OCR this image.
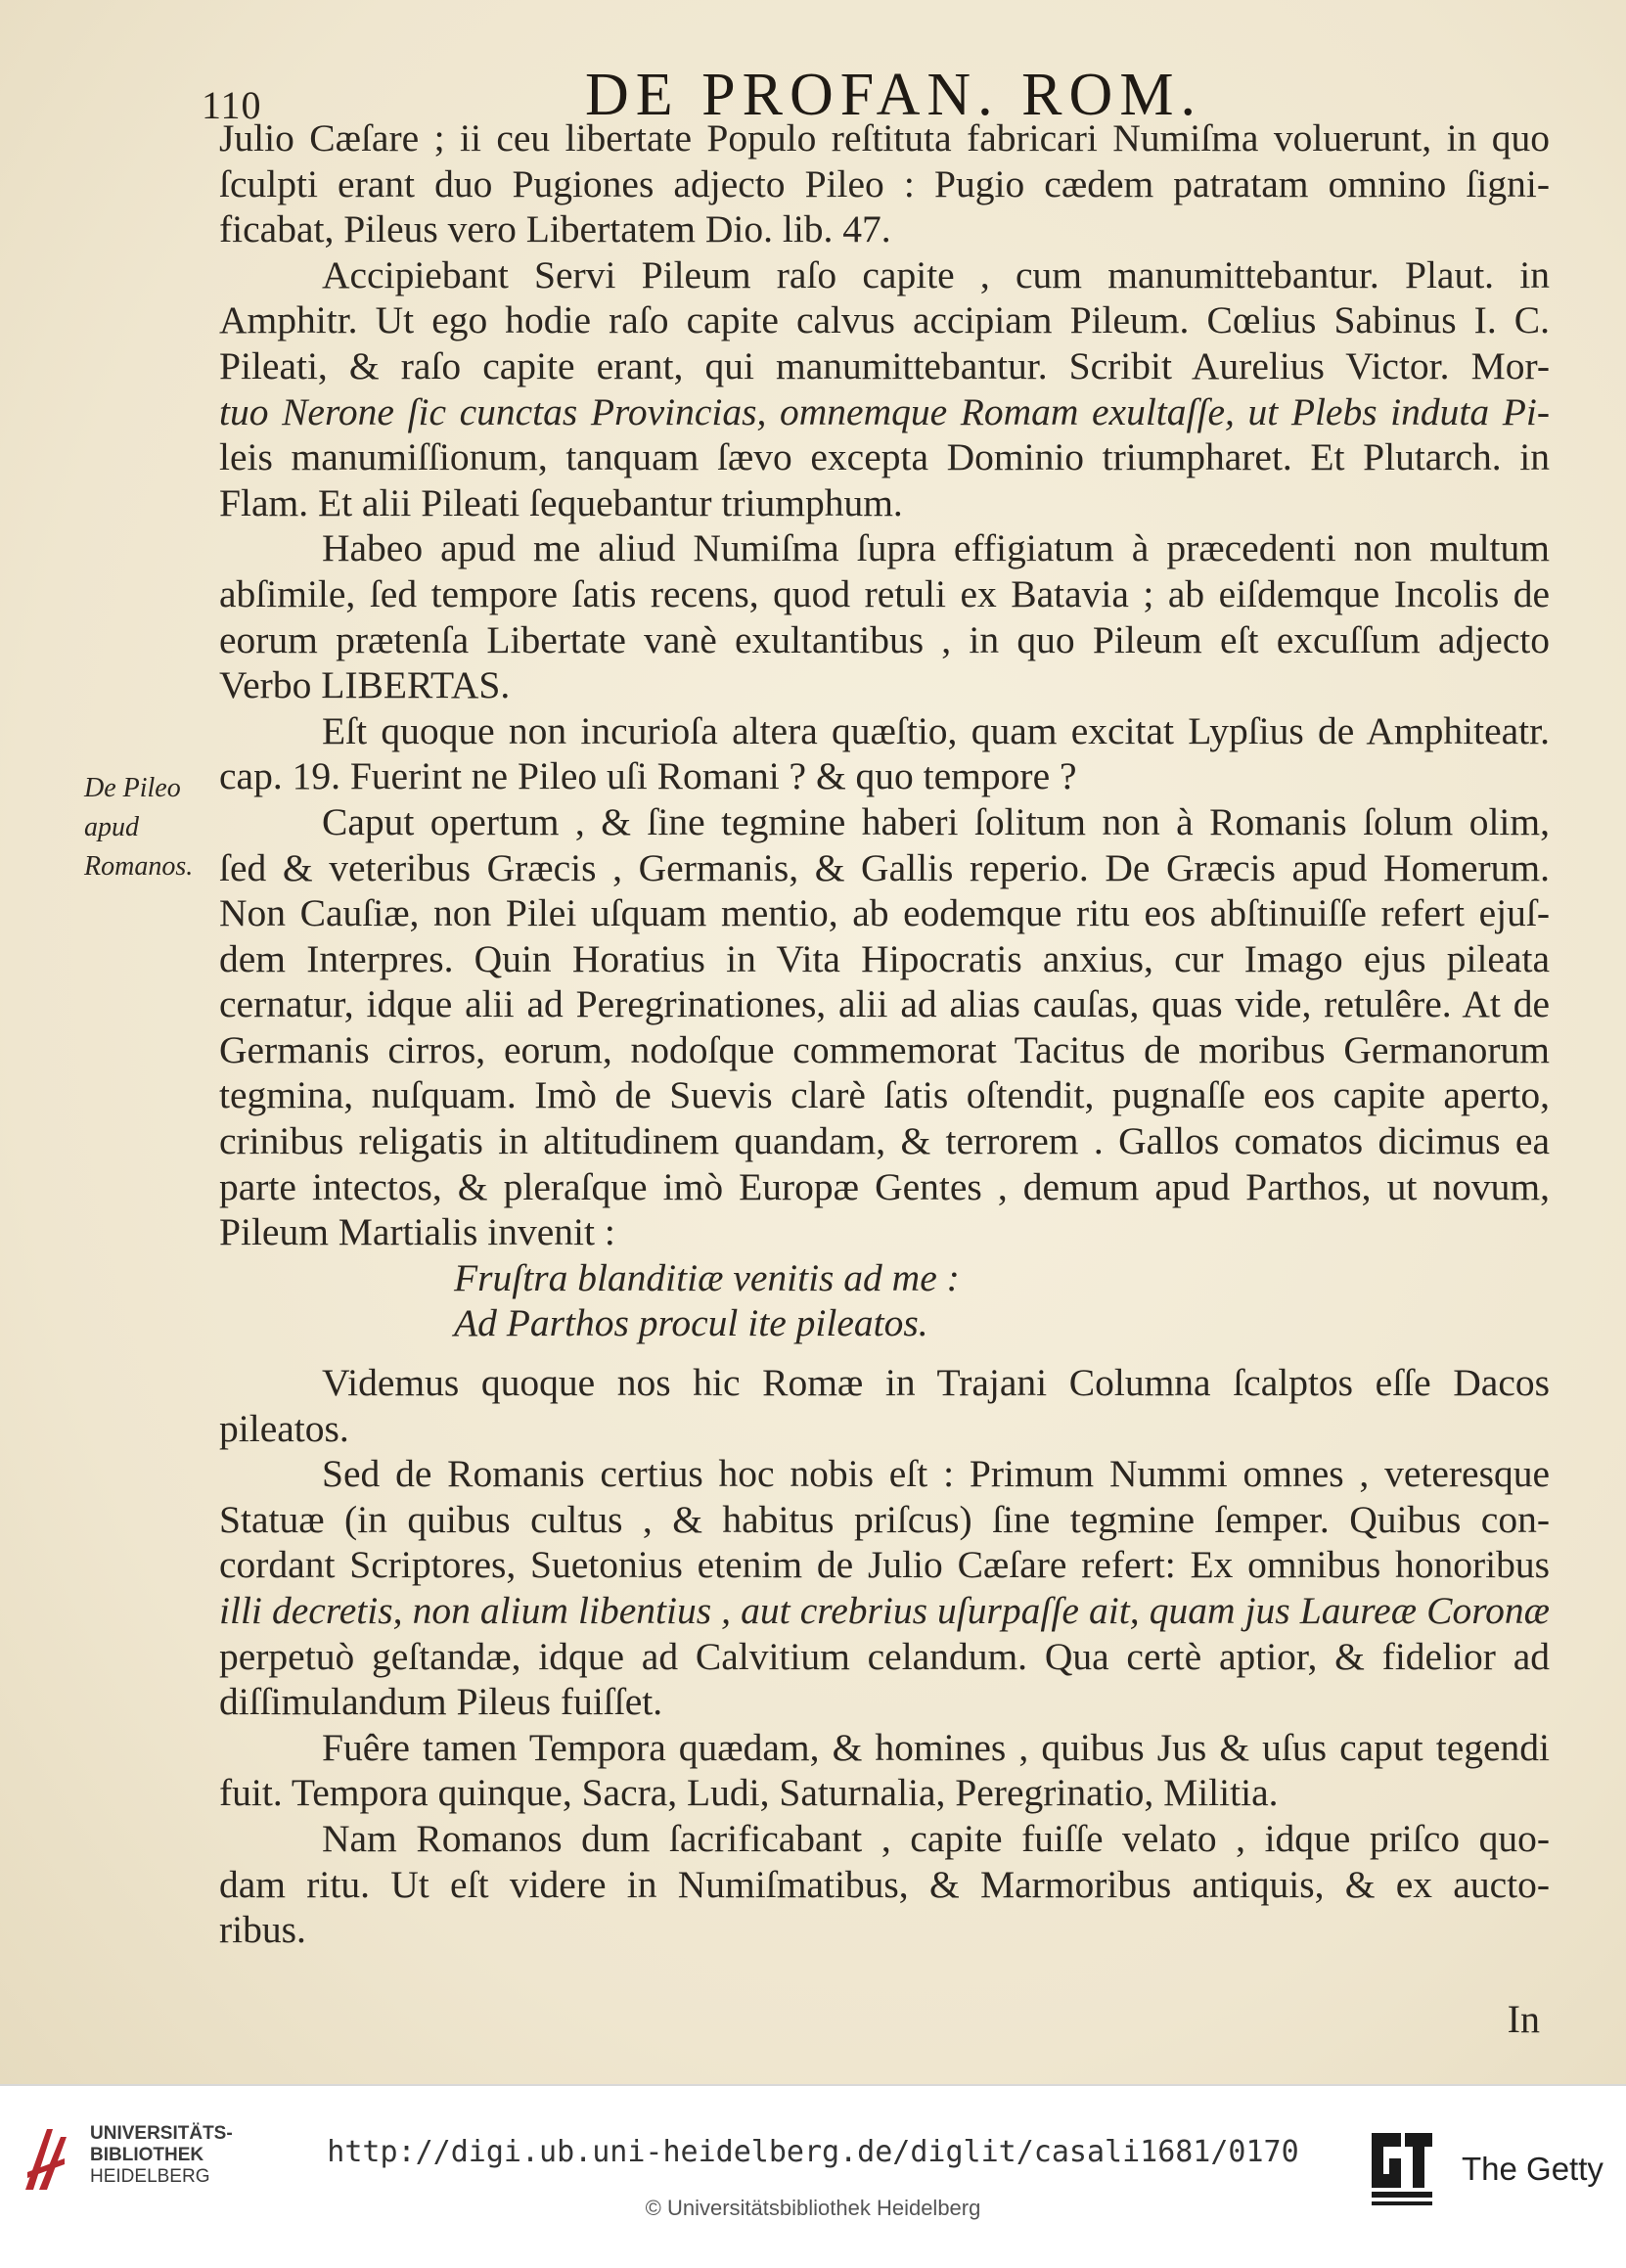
110	DE PROFAN. ROM.
De Pileo apud Romanos.
Julio Cæſare ; ii ceu libertate Populo reſtituta fabricari Numiſma voluerunt, in quo
ſculpti erant duo Pugiones adjecto Pileo : Pugio cædem patratam omnino ſigni-
ficabat, Pileus vero Libertatem Dio. lib. 47.
Accipiebant Servi Pileum raſo capite , cum manumittebantur. Plaut. in
Amphitr. Ut ego hodie raſo capite calvus accipiam Pileum. Cœlius Sabinus I. C.
Pileati, & raſo capite erant, qui manumittebantur. Scribit Aurelius Victor. Mor-
tuo Nerone ſic cunctas Provincias, omnemque Romam exultaſſe, ut Plebs induta Pi-
leis manumiſſionum, tanquam ſævo excepta Dominio triumpharet. Et Plutarch. in
Flam. Et alii Pileati ſequebantur triumphum.
Habeo apud me aliud Numiſma ſupra effigiatum à præcedenti non multum
abſimile, ſed tempore ſatis recens, quod retuli ex Batavia ; ab eiſdemque Incolis de
eorum prætenſa Libertate vanè exultantibus , in quo Pileum eſt excuſſum adjecto
Verbo LIBERTAS.
Eſt quoque non incurioſa altera quæſtio, quam excitat Lypſius de Amphiteatr.
cap. 19. Fuerint ne Pileo uſi Romani ? & quo tempore ?
Caput opertum , & ſine tegmine haberi ſolitum non à Romanis ſolum olim,
ſed & veteribus Græcis , Germanis, & Gallis reperio. De Græcis apud Homerum.
Non Cauſiæ, non Pilei uſquam mentio, ab eodemque ritu eos abſtinuiſſe refert ejuſ-
dem Interpres. Quin Horatius in Vita Hipocratis anxius, cur Imago ejus pileata
cernatur, idque alii ad Peregrinationes, alii ad alias cauſas, quas vide, retulêre. At de
Germanis cirros, eorum, nodoſque commemorat Tacitus de moribus Germanorum
tegmina, nuſquam. Imò de Suevis clarè ſatis oſtendit, pugnaſſe eos capite aperto,
crinibus religatis in altitudinem quandam, & terrorem . Gallos comatos dicimus ea
parte intectos, & pleraſque imò Europæ Gentes , demum apud Parthos, ut novum,
Pileum Martialis invenit :
Fruſtra blanditiæ venitis ad me :
Ad Parthos procul ite pileatos.
Videmus quoque nos hic Romæ in Trajani Columna ſcalptos eſſe Dacos
pileatos.
Sed de Romanis certius hoc nobis eſt : Primum Nummi omnes , veteresque
Statuæ (in quibus cultus , & habitus priſcus) ſine tegmine ſemper. Quibus con-
cordant Scriptores, Suetonius etenim de Julio Cæſare refert: Ex omnibus honoribus
illi decretis, non alium libentius , aut crebrius uſurpaſſe ait, quam jus Laureæ Coronæ
perpetuò geſtandæ, idque ad Calvitium celandum. Qua certè aptior, & fidelior ad
diſſimulandum Pileus fuiſſet.
Fuêre tamen Tempora quædam, & homines , quibus Jus & uſus caput tegendi
fuit. Tempora quinque, Sacra, Ludi, Saturnalia, Peregrinatio, Militia.
Nam Romanos dum ſacrificabant , capite fuiſſe velato , idque priſco quo-
dam ritu. Ut eſt videre in Numiſmatibus, & Marmoribus antiquis, & ex aucto-
ribus.
In
UNIVERSITÄTS-
BIBLIOTHEK
HEIDELBERG
http://digi.ub.uni-heidelberg.de/diglit/casali1681/0170
© Universitätsbibliothek Heidelberg
The Getty
